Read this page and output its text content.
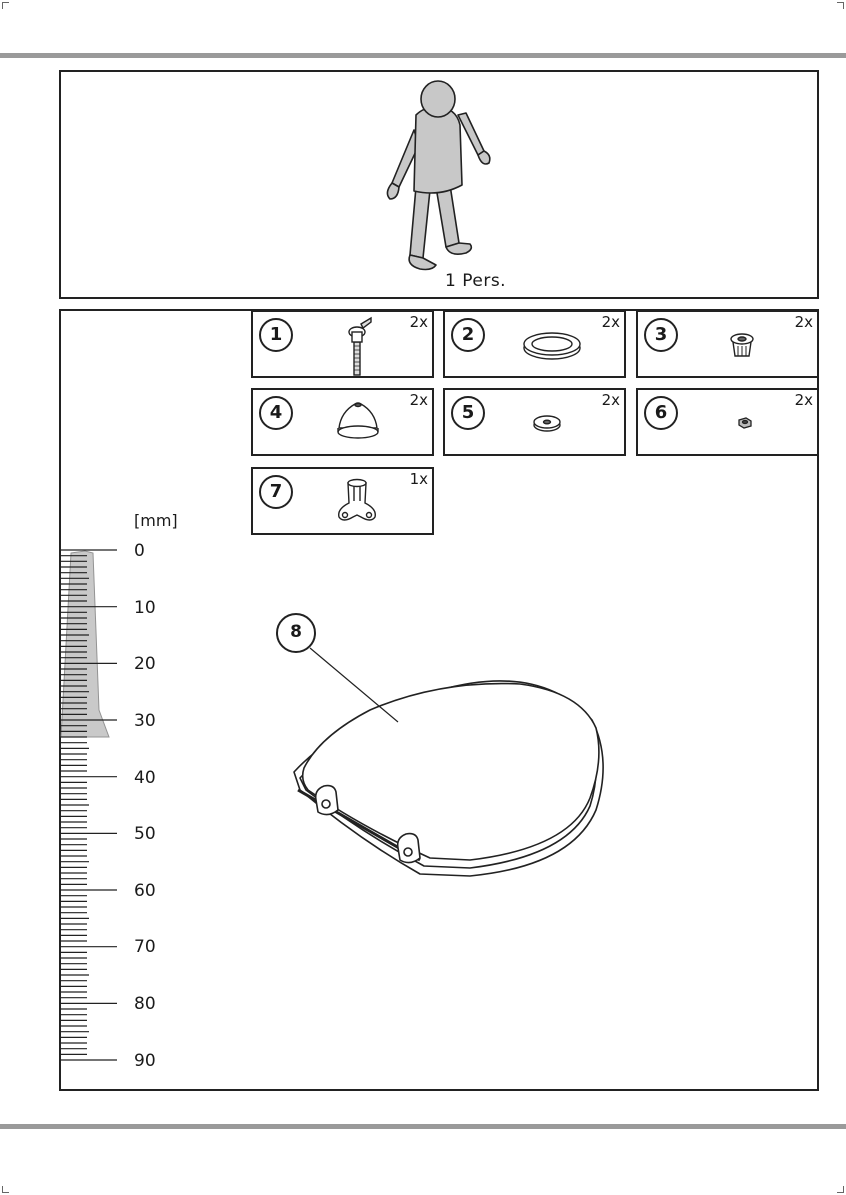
1 Pers.
1
2x
2
2x
3
2x
4
2x
5
2x
6
2x
7
1x
[mm]
0
10
20
30
40
50
60
70
80
90
8
